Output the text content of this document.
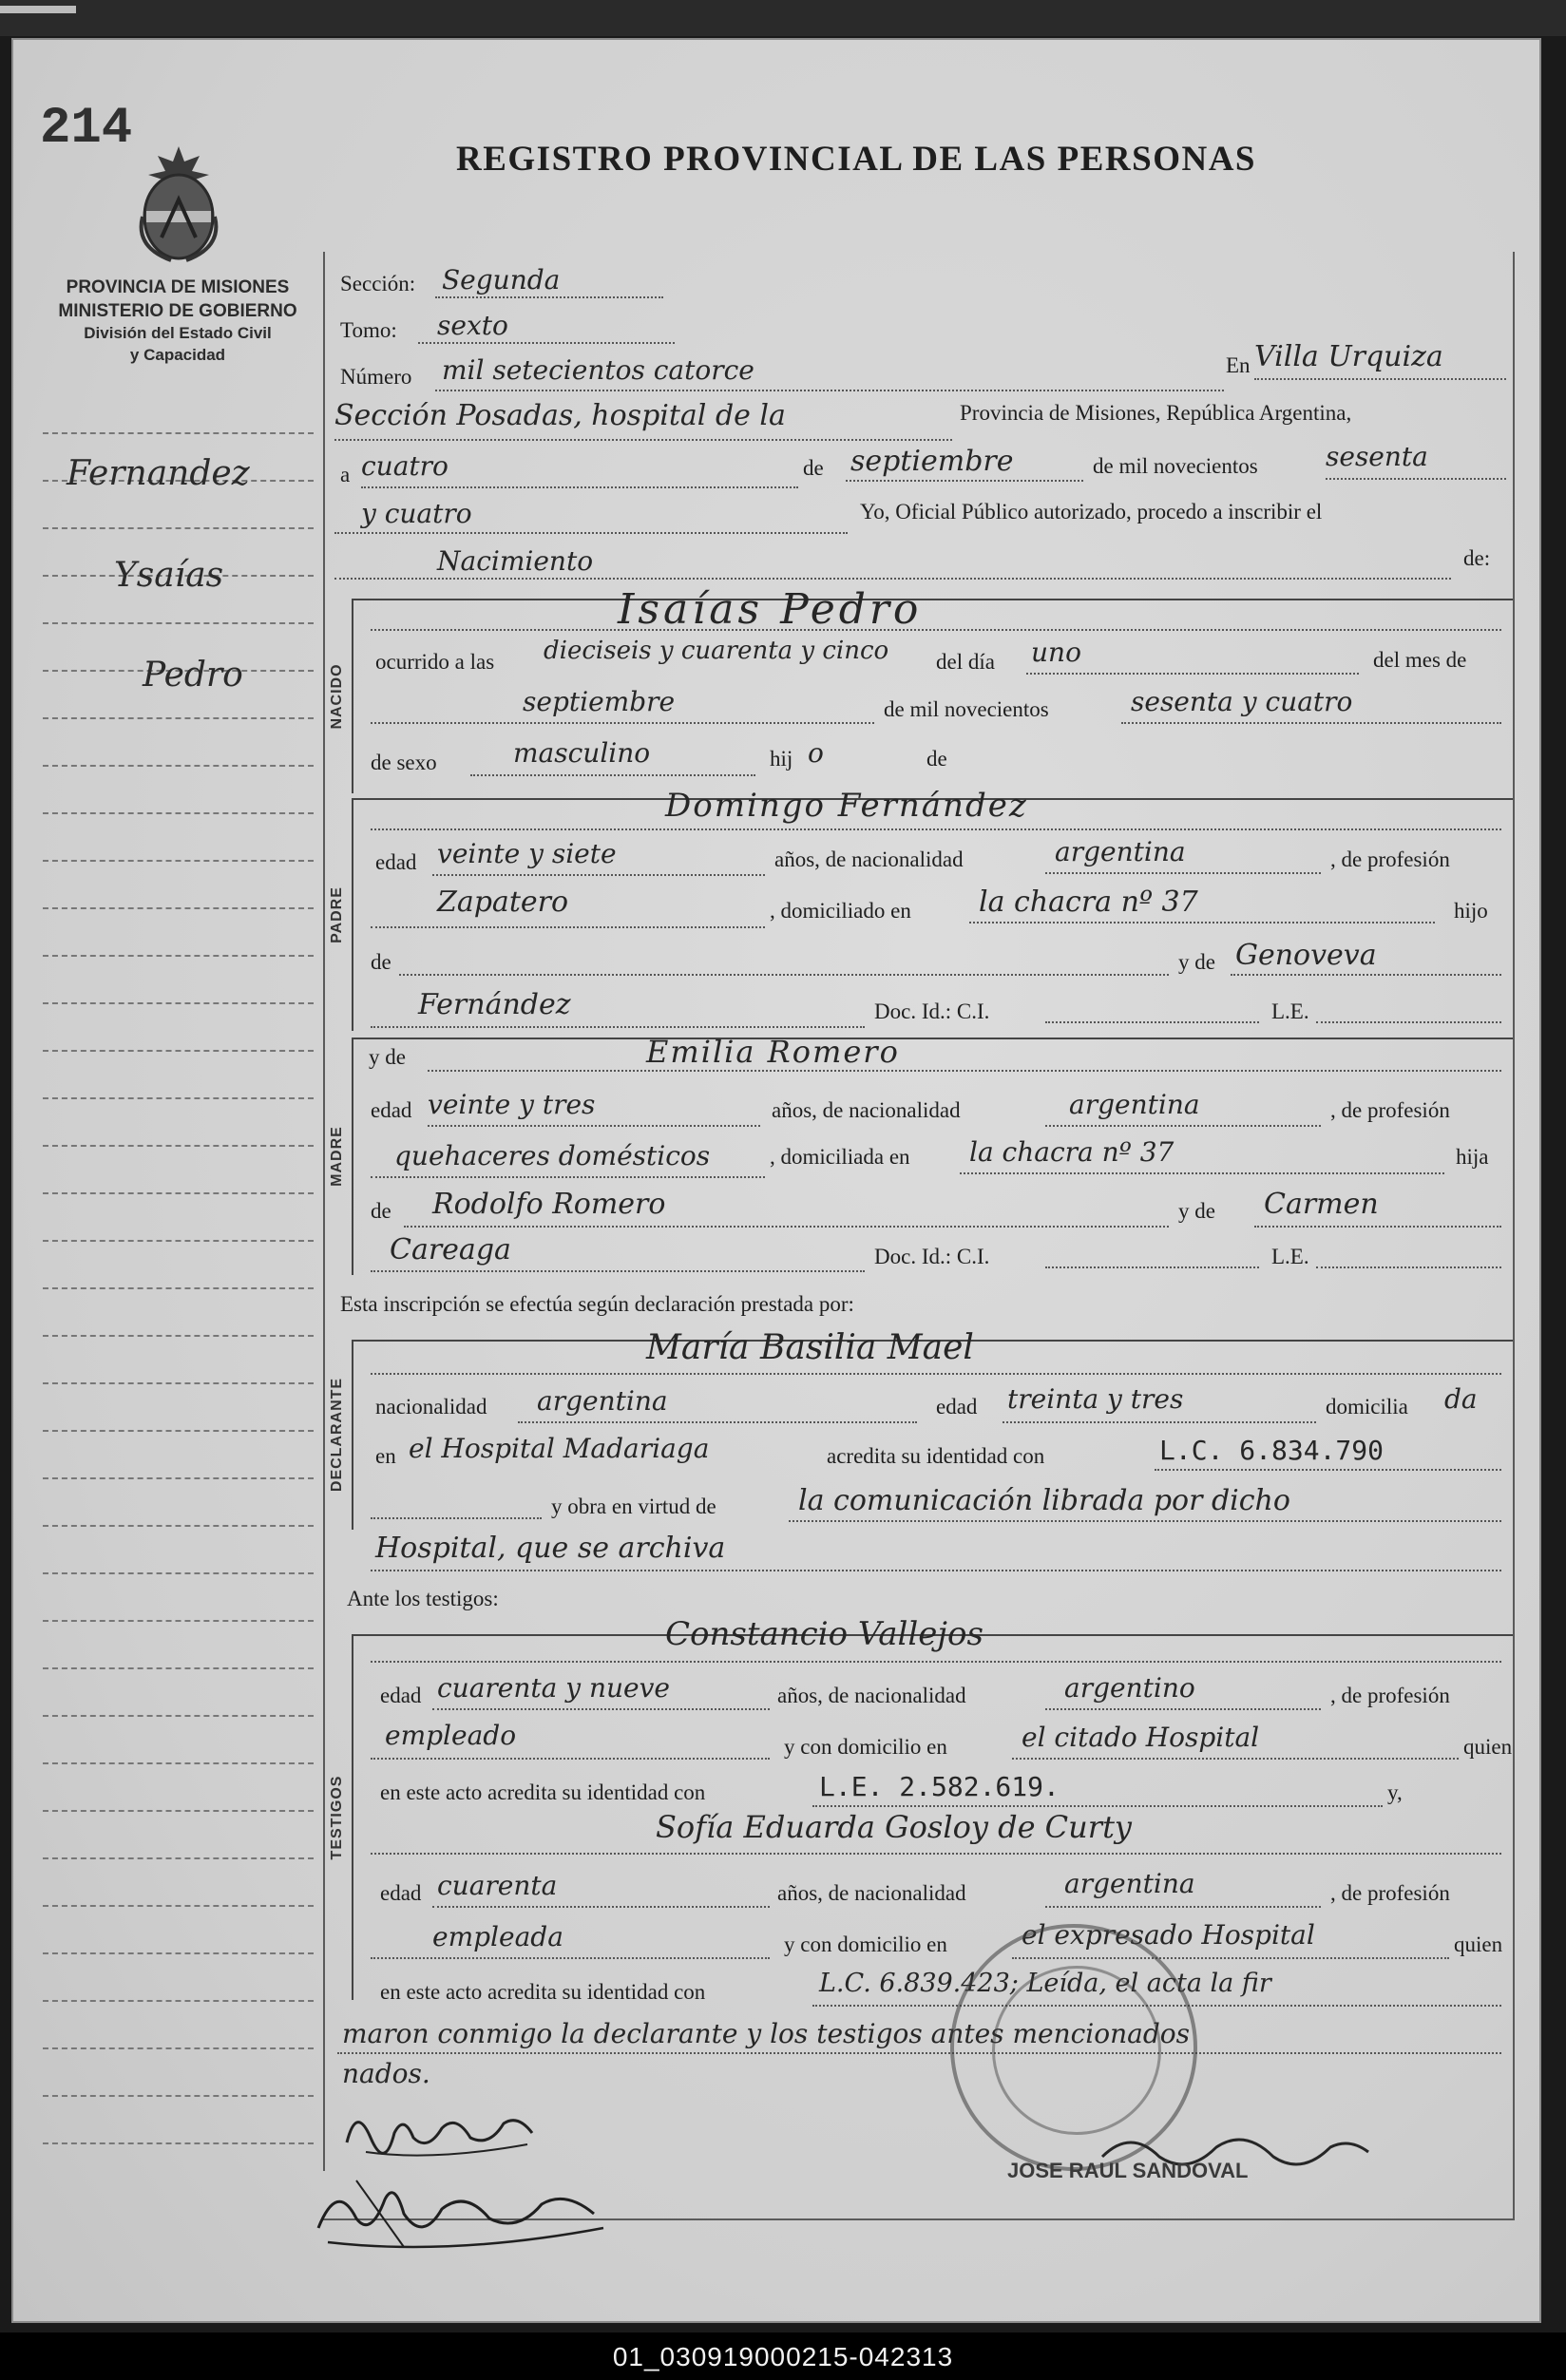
214
REGISTRO PROVINCIAL DE LAS PERSONAS
PROVINCIA DE MISIONES
MINISTERIO DE GOBIERNO
División del Estado Civil
y Capacidad
Fernandez
Ysaías
Pedro
Sección: Segunda
Tomo: sexto
Número mil setecientos catorce	En Villa Urquiza
Sección Posadas, hospital de la	Provincia de Misiones, República Argentina,
a cuatro	de septiembre	de mil novecientos	sesenta
y cuatro	Yo, Oficial Público autorizado, procedo a inscribir el
Nacimiento	de:
NACIDO
Isaías Pedro
ocurrido a las dieciseis y cuarenta y cinco del día uno	del mes de
septiembre	de mil novecientos	sesenta y cuatro
de sexo	masculino	hij o	de
PADRE
Domingo Fernández
edad veinte y siete	años, de nacionalidad	argentina	, de profesión
Zapatero	, domiciliado en la chacra nº 37	hijo
de	y de Genoveva
Fernández	Doc. Id.: C.I.	L.E.
MADRE
y de	Emilia Romero
edad veinte y tres	años, de nacionalidad	argentina	, de profesión
quehaceres domésticos	, domiciliada en la chacra nº 37	hija
de Rodolfo Romero	y de Carmen
Careaga	Doc. Id.: C.I.	L.E.
Esta inscripción se efectúa según declaración prestada por:
DECLARANTE
María Basilia Mael
nacionalidad argentina	edad treinta y tres	domicilia da
en el Hospital Madariaga	acredita su identidad con	L.C. 6.834.790
y obra en virtud de	la comunicación librada por dicho
Hospital, que se archiva
Ante los testigos:
TESTIGOS
Constancio Vallejos
edad cuarenta y nueve	años, de nacionalidad	argentino	, de profesión
empleado	y con domicilio en	el citado Hospital	quien
en este acto acredita su identidad con	L.E. 2.582.619.	y,
Sofía Eduarda Gosloy de Curty
edad cuarenta	años, de nacionalidad	argentina	, de profesión
empleada	y con domicilio en	el expresado Hospital	quien
en este acto acredita su identidad con	L.C. 6.839.423; Leída, el acta la fir
maron conmigo la declarante y los testigos antes mencionados
nados.
JOSE RAUL SANDOVAL
01_030919000215-042313
